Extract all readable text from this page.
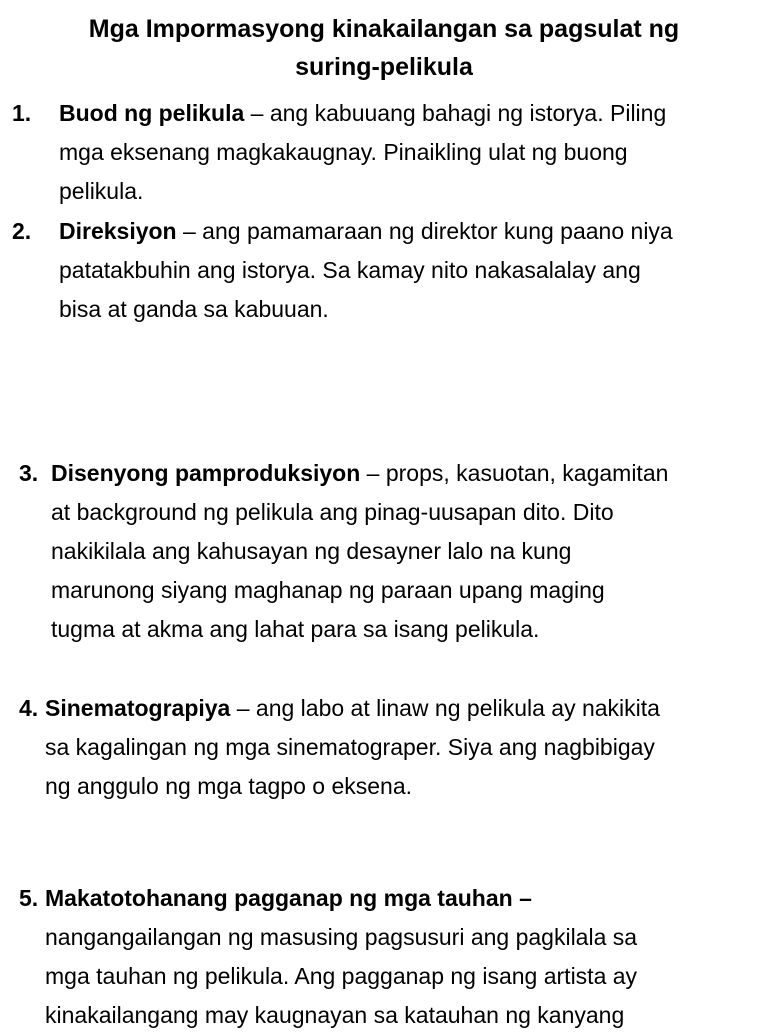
Mga Impormasyong kinakailangan sa pagsulat ng
suring-pelikula
1. Buod ng pelikula – ang kabuuang bahagi ng istorya. Piling
mga eksenang magkakaugnay. Pinaikling ulat ng buong
pelikula.
2. Direksiyon – ang pamamaraan ng direktor kung paano niya
patatakbuhin ang istorya. Sa kamay nito nakasalalay ang
bisa at ganda sa kabuuan.
3. Disenyong pamproduksiyon – props, kasuotan, kagamitan
at background ng pelikula ang pinag-uusapan dito. Dito
nakikilala ang kahusayan ng desayner lalo na kung
marunong siyang maghanap ng paraan upang maging
tugma at akma ang lahat para sa isang pelikula.
4. Sinematograpiya – ang labo at linaw ng pelikula ay nakikita
sa kagalingan ng mga sinematograper. Siya ang nagbibigay
ng anggulo ng mga tagpo o eksena.
5. Makatotohanang pagganap ng mga tauhan –
nangangailangan ng masusing pagsusuri ang pagkilala sa
mga tauhan ng pelikula. Ang pagganap ng isang artista ay
kinakailangang may kaugnayan sa katauhan ng kanyang
